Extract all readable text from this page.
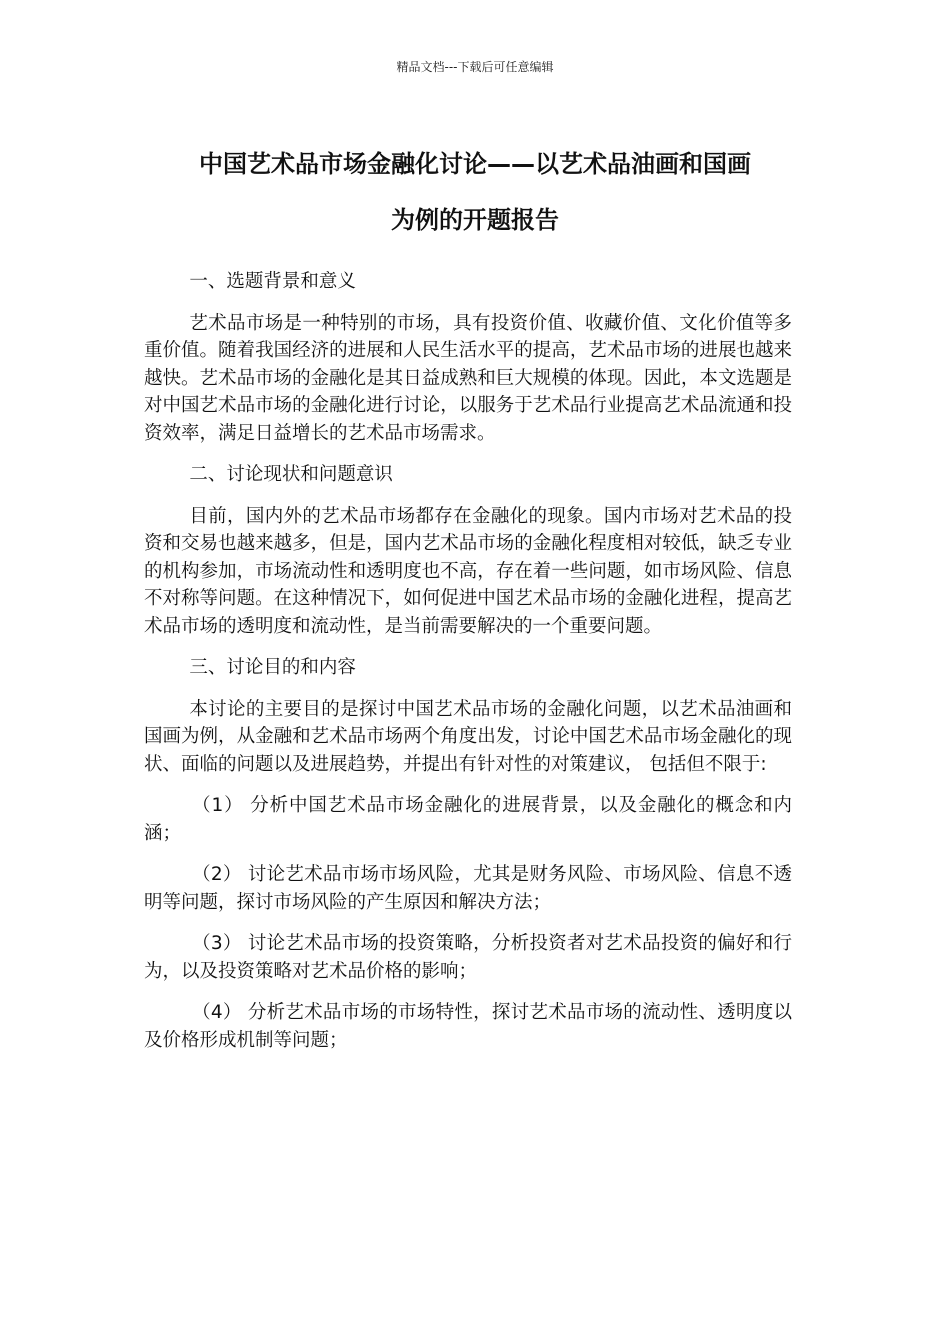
精品文档---下载后可任意编辑
中国艺术品市场金融化讨论——以艺术品油画和国画
为例的开题报告
一、选题背景和意义
艺术品市场是一种特别的市场，具有投资价值、收藏价值、文化价值等多重价值。随着我国经济的进展和人民生活水平的提高，艺术品市场的进展也越来越快。艺术品市场的金融化是其日益成熟和巨大规模的体现。因此，本文选题是对中国艺术品市场的金融化进行讨论，以服务于艺术品行业提高艺术品流通和投资效率，满足日益增长的艺术品市场需求。
二、讨论现状和问题意识
目前，国内外的艺术品市场都存在金融化的现象。国内市场对艺术品的投资和交易也越来越多，但是，国内艺术品市场的金融化程度相对较低，缺乏专业的机构参加，市场流动性和透明度也不高，存在着一些问题，如市场风险、信息不对称等问题。在这种情况下，如何促进中国艺术品市场的金融化进程，提高艺术品市场的透明度和流动性，是当前需要解决的一个重要问题。
三、讨论目的和内容
本讨论的主要目的是探讨中国艺术品市场的金融化问题，以艺术品油画和国画为例，从金融和艺术品市场两个角度出发，讨论中国艺术品市场金融化的现状、面临的问题以及进展趋势，并提出有针对性的对策建议， 包括但不限于:
（1） 分析中国艺术品市场金融化的进展背景，以及金融化的概念和内涵；
（2） 讨论艺术品市场市场风险，尤其是财务风险、市场风险、信息不透明等问题，探讨市场风险的产生原因和解决方法；
（3） 讨论艺术品市场的投资策略，分析投资者对艺术品投资的偏好和行为，以及投资策略对艺术品价格的影响；
（4） 分析艺术品市场的市场特性，探讨艺术品市场的流动性、透明度以及价格形成机制等问题；
